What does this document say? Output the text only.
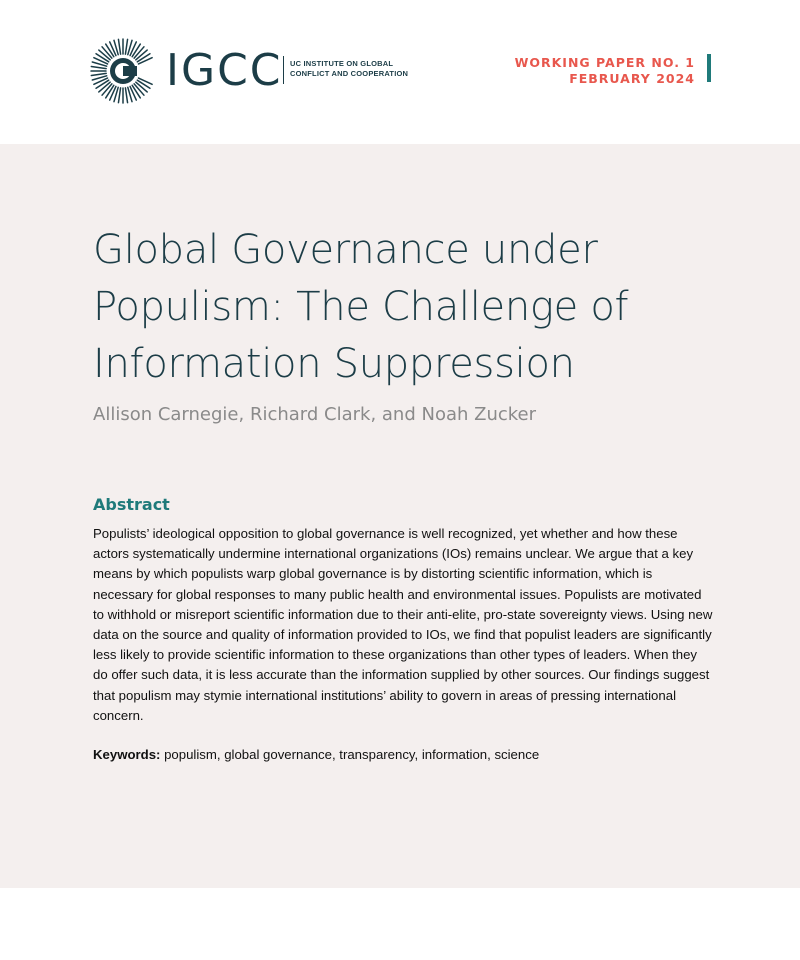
IGCC UC INSTITUTE ON GLOBAL
CONFLICT AND COOPERATION
WORKING PAPER NO. 1
FEBRUARY 2024
Global Governance under Populism: The Challenge of Information Suppression
Allison Carnegie, Richard Clark, and Noah Zucker
Abstract

Populists’ ideological opposition to global governance is well recognized, yet whether and how these actors systematically undermine international organizations (IOs) remains unclear. We argue that a key means by which populists warp global governance is by distorting scientific information, which is necessary for global responses to many public health and environmental issues. Populists are motivated to withhold or misreport scientific information due to their anti-elite, pro-state sovereignty views. Using new data on the source and quality of information provided to IOs, we find that populist leaders are significantly less likely to provide scientific information to these organizations than other types of leaders. When they do offer such data, it is less accurate than the information supplied by other sources. Our findings suggest that populism may stymie international institutions’ ability to govern in areas of pressing international concern.

Keywords: populism, global governance, transparency, information, science
